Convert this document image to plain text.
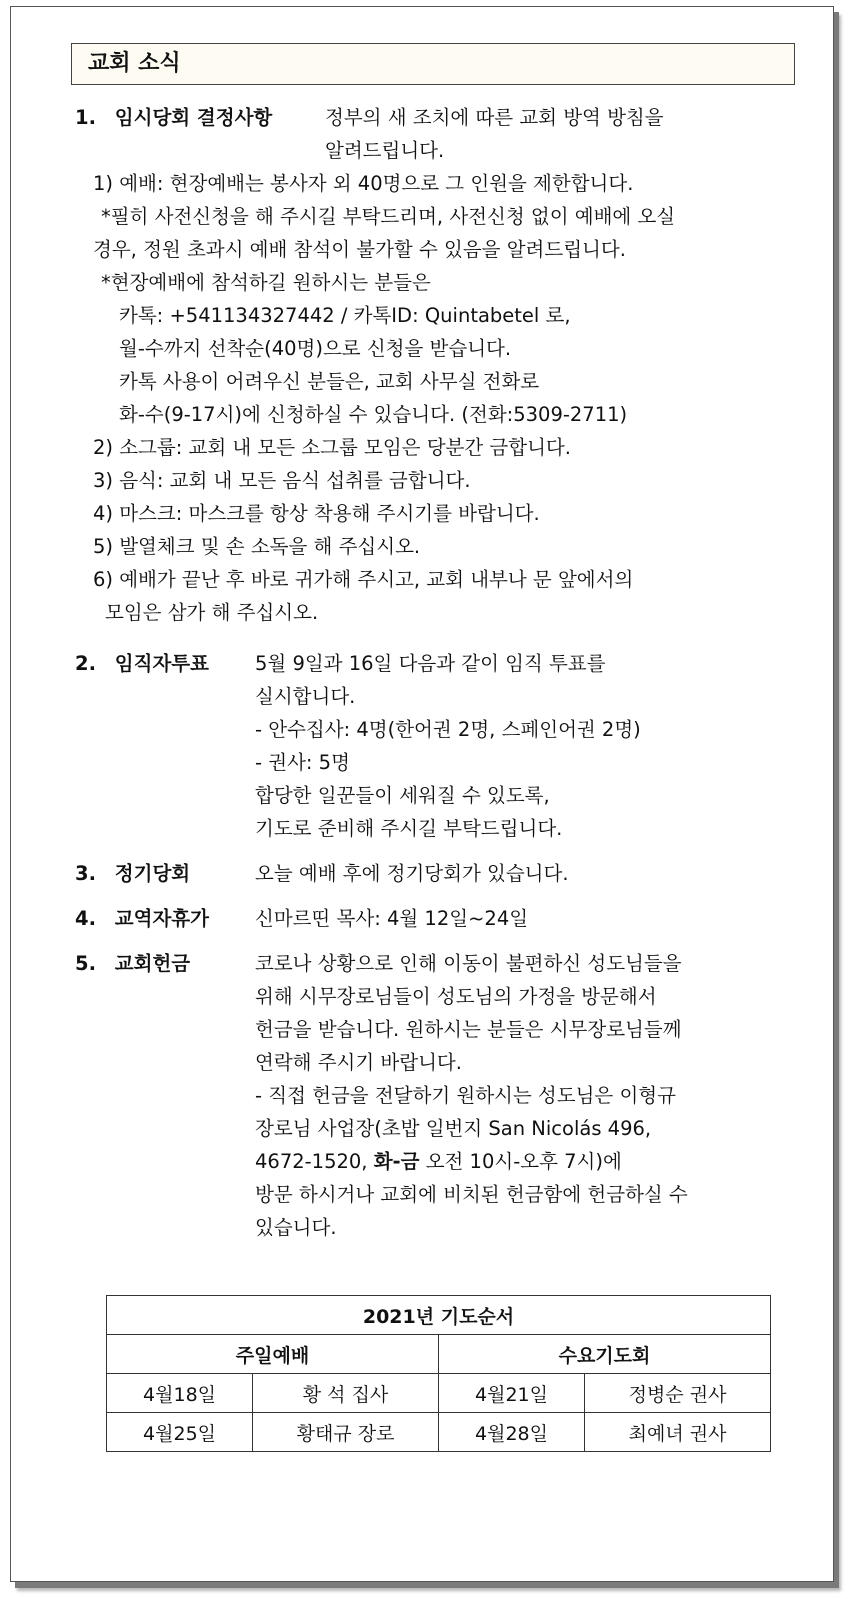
교회 소식
1. 임시당회 결정사항	정부의 새 조치에 따른 교회 방역 방침을

알려드립니다.

1) 예배: 현장예배는 봉사자 외 40명으로 그 인원을 제한합니다.

*필히 사전신청을 해 주시길 부탁드리며, 사전신청 없이 예배에 오실

경우, 정원 초과시 예배 참석이 불가할 수 있음을 알려드립니다.

*현장예배에 참석하길 원하시는 분들은

카톡: +541134327442 / 카톡ID: Quintabetel 로,

월-수까지 선착순(40명)으로 신청을 받습니다.

카톡 사용이 어려우신 분들은, 교회 사무실 전화로

화-수(9-17시)에 신청하실 수 있습니다. (전화:5309-2711)

2) 소그룹: 교회 내 모든 소그룹 모임은 당분간 금합니다.

3) 음식: 교회 내 모든 음식 섭취를 금합니다.

4) 마스크: 마스크를 항상 착용해 주시기를 바랍니다.

5) 발열체크 및 손 소독을 해 주십시오.

6) 예배가 끝난 후 바로 귀가해 주시고, 교회 내부나 문 앞에서의

모임은 삼가 해 주십시오.

2. 임직자투표	5월 9일과 16일 다음과 같이 임직 투표를

실시합니다.

- 안수집사: 4명(한어권 2명, 스페인어권 2명)

- 권사: 5명

합당한 일꾼들이 세워질 수 있도록,

기도로 준비해 주시길 부탁드립니다.

3. 정기당회	오늘 예배 후에 정기당회가 있습니다.
4. 교역자휴가	신마르띤 목사: 4월 12일~24일
5. 교회헌금	코로나 상황으로 인해 이동이 불편하신 성도님들을

위해 시무장로님들이 성도님의 가정을 방문해서

헌금을 받습니다. 원하시는 분들은 시무장로님들께

연락해 주시기 바랍니다.

- 직접 헌금을 전달하기 원하시는 성도님은 이형규

장로님 사업장(초밥 일번지 San Nicolás 496,

4672-1520, 화-금 오전 10시-오후 7시)에

방문 하시거나 교회에 비치된 헌금함에 헌금하실 수

있습니다.

2021년 기도순서			
주일예배		수요기도회	
4월18일	황 석 집사	4월21일	정병순 권사
4월25일	황태규 장로	4월28일	최예녀 권사
